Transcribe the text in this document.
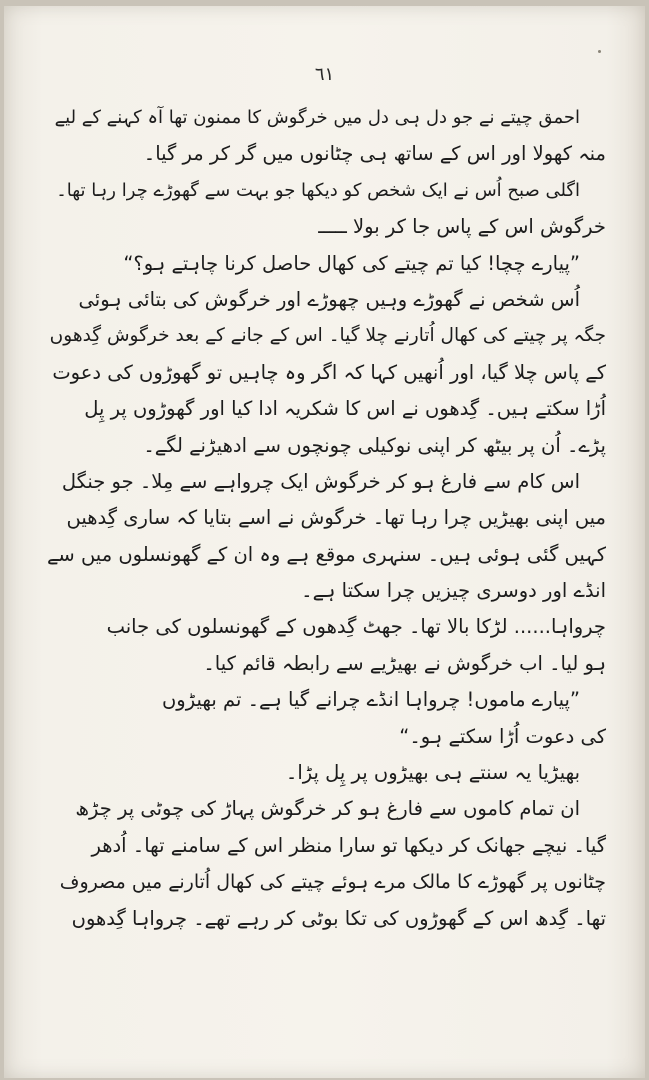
٦١
احمق چیتے نے جو دل ہی دل میں خرگوش کا ممنون تھا آہ کہنے کے لیے
منہ کھولا اور اس کے ساتھ ہی چٹانوں میں گر کر مر گیا۔
اگلی صبح اُس نے ایک شخص کو دیکھا جو بہت سے گھوڑے چرا رہا تھا۔
خرگوش اس کے پاس جا کر بولا ـــــ
”پیارے چچا! کیا تم چیتے کی کھال حاصل کرنا چاہتے ہو؟“
اُس شخص نے گھوڑے وہیں چھوڑے اور خرگوش کی بتائی ہوئی
جگہ پر چیتے کی کھال اُتارنے چلا گیا۔ اس کے جانے کے بعد خرگوش گِدھوں
کے پاس چلا گیا، اور اُنھیں کہا کہ اگر وہ چاہیں تو گھوڑوں کی دعوت
اُڑا سکتے ہیں۔ گِدھوں نے اس کا شکریہ ادا کیا اور گھوڑوں پر پِل
پڑے۔ اُن پر بیٹھ کر اپنی نوکیلی چونچوں سے ادھیڑنے لگے۔
اس کام سے فارغ ہو کر خرگوش ایک چرواہے سے مِلا۔ جو جنگل
میں اپنی بھیڑیں چرا رہا تھا۔ خرگوش نے اسے بتایا کہ ساری گِدھیں
کہیں گئی ہوئی ہیں۔ سنہری موقع ہے وہ ان کے گھونسلوں میں سے
انڈے اور دوسری چیزیں چرا سکتا ہے۔
چرواہا...... لڑکا بالا تھا۔ جھٹ گِدھوں کے گھونسلوں کی جانب
ہو لیا۔ اب خرگوش نے بھیڑیے سے رابطہ قائم کیا۔
”پیارے ماموں! چرواہا انڈے چرانے گیا ہے۔ تم بھیڑوں
کی دعوت اُڑا سکتے ہو۔“
بھیڑیا یہ سنتے ہی بھیڑوں پر پِل پڑا۔
ان تمام کاموں سے فارغ ہو کر خرگوش پہاڑ کی چوٹی پر چڑھ
گیا۔ نیچے جھانک کر دیکھا تو سارا منظر اس کے سامنے تھا۔ اُدھر
چٹانوں پر گھوڑے کا مالک مرے ہوئے چیتے کی کھال اُتارنے میں مصروف
تھا۔ گِدھ اس کے گھوڑوں کی تکا بوٹی کر رہے تھے۔ چرواہا گِدھوں
